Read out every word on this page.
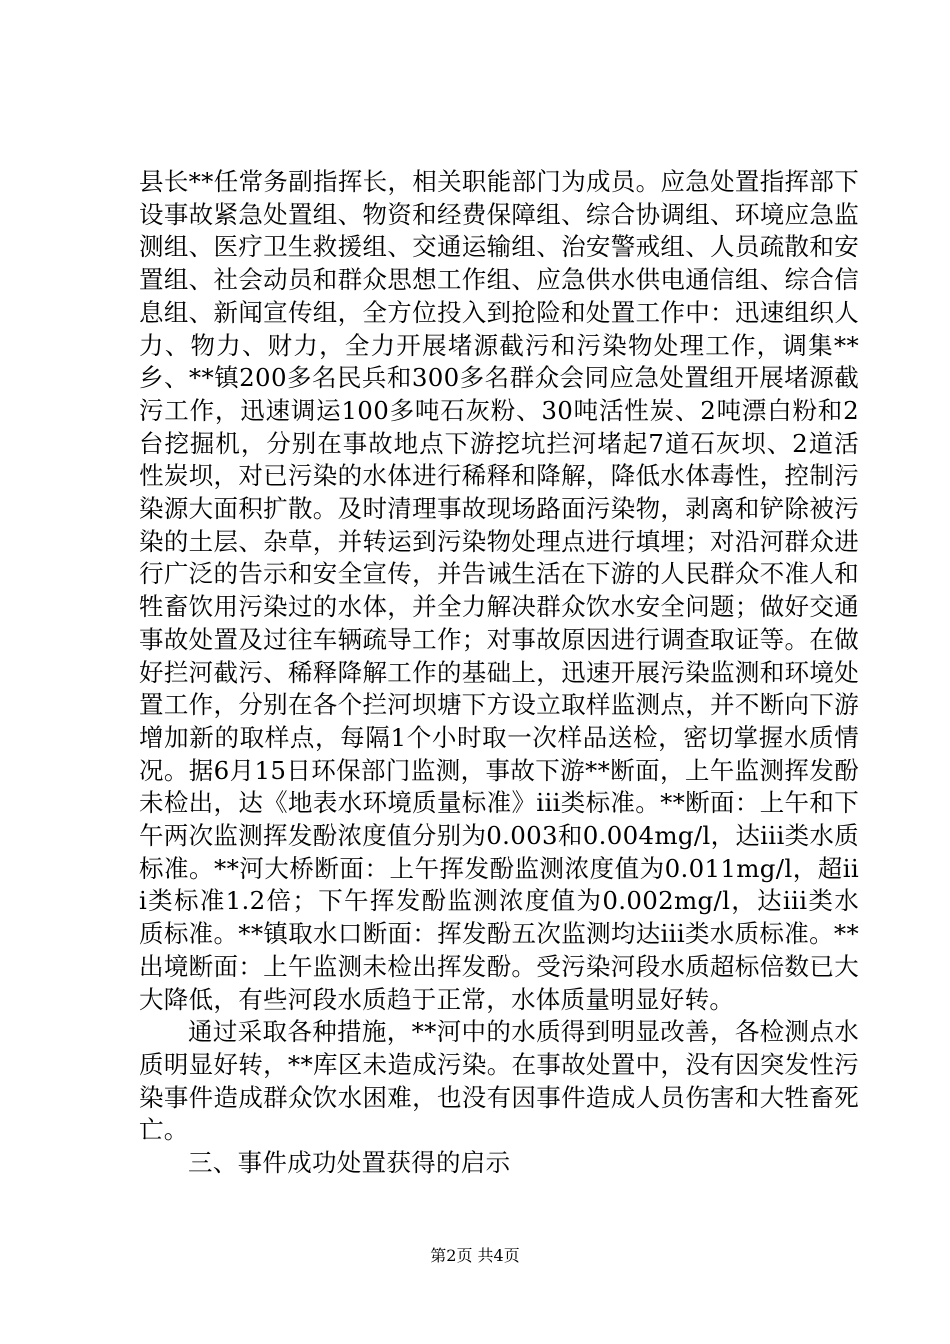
县长**任常务副指挥长，相关职能部门为成员。应急处置指挥部下设事故紧急处置组、物资和经费保障组、综合协调组、环境应急监测组、医疗卫生救援组、交通运输组、治安警戒组、人员疏散和安置组、社会动员和群众思想工作组、应急供水供电通信组、综合信息组、新闻宣传组，全方位投入到抢险和处置工作中：迅速组织人力、物力、财力，全力开展堵源截污和污染物处理工作，调集**乡、**镇200多名民兵和300多名群众会同应急处置组开展堵源截污工作，迅速调运100多吨石灰粉、30吨活性炭、2吨漂白粉和2台挖掘机，分别在事故地点下游挖坑拦河堵起7道石灰坝、2道活性炭坝，对已污染的水体进行稀释和降解，降低水体毒性，控制污染源大面积扩散。及时清理事故现场路面污染物，剥离和铲除被污染的土层、杂草，并转运到污染物处理点进行填埋；对沿河群众进行广泛的告示和安全宣传，并告诫生活在下游的人民群众不准人和牲畜饮用污染过的水体，并全力解决群众饮水安全问题；做好交通事故处置及过往车辆疏导工作；对事故原因进行调查取证等。在做好拦河截污、稀释降解工作的基础上，迅速开展污染监测和环境处置工作，分别在各个拦河坝塘下方设立取样监测点，并不断向下游增加新的取样点，每隔1个小时取一次样品送检，密切掌握水质情况。据6月15日环保部门监测，事故下游**断面，上午监测挥发酚未检出，达《地表水环境质量标准》iii类标准。**断面：上午和下午两次监测挥发酚浓度值分别为0.003和0.004mg/l，达iii类水质标准。**河大桥断面：上午挥发酚监测浓度值为0.011mg/l，超iii类标准1.2倍；下午挥发酚监测浓度值为0.002mg/l，达iii类水质标准。**镇取水口断面：挥发酚五次监测均达iii类水质标准。**出境断面：上午监测未检出挥发酚。受污染河段水质超标倍数已大大降低，有些河段水质趋于正常，水体质量明显好转。

通过采取各种措施，**河中的水质得到明显改善，各检测点水质明显好转，**库区未造成污染。在事故处置中，没有因突发性污染事件造成群众饮水困难，也没有因事件造成人员伤害和大牲畜死亡。

三、事件成功处置获得的启示

第2页 共4页
